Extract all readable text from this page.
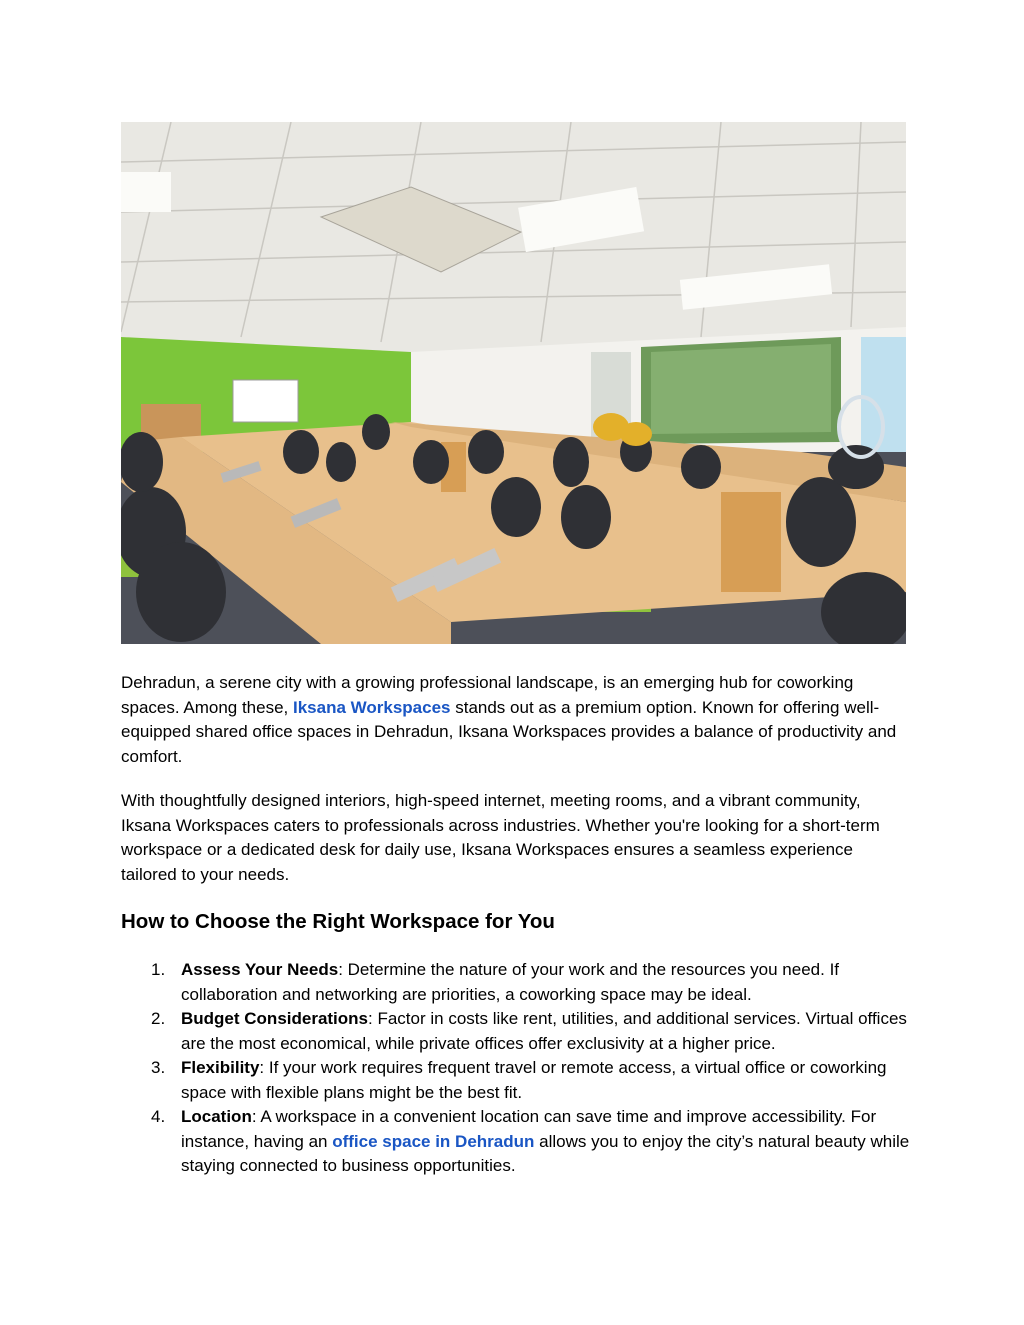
Dehradun, a serene city with a growing professional landscape, is an emerging hub for coworking spaces. Among these, Iksana Workspaces stands out as a premium option. Known for offering well-equipped shared office spaces in Dehradun, Iksana Workspaces provides a balance of productivity and comfort.

With thoughtfully designed interiors, high-speed internet, meeting rooms, and a vibrant community, Iksana Workspaces caters to professionals across industries. Whether you're looking for a short-term workspace or a dedicated desk for daily use, Iksana Workspaces ensures a seamless experience tailored to your needs.

How to Choose the Right Workspace for You
1. Assess Your Needs: Determine the nature of your work and the resources you need. If collaboration and networking are priorities, a coworking space may be ideal.
2. Budget Considerations: Factor in costs like rent, utilities, and additional services. Virtual offices are the most economical, while private offices offer exclusivity at a higher price.
3. Flexibility: If your work requires frequent travel or remote access, a virtual office or coworking space with flexible plans might be the best fit.
4. Location: A workspace in a convenient location can save time and improve accessibility. For instance, having an office space in Dehradun allows you to enjoy the city’s natural beauty while staying connected to business opportunities.
